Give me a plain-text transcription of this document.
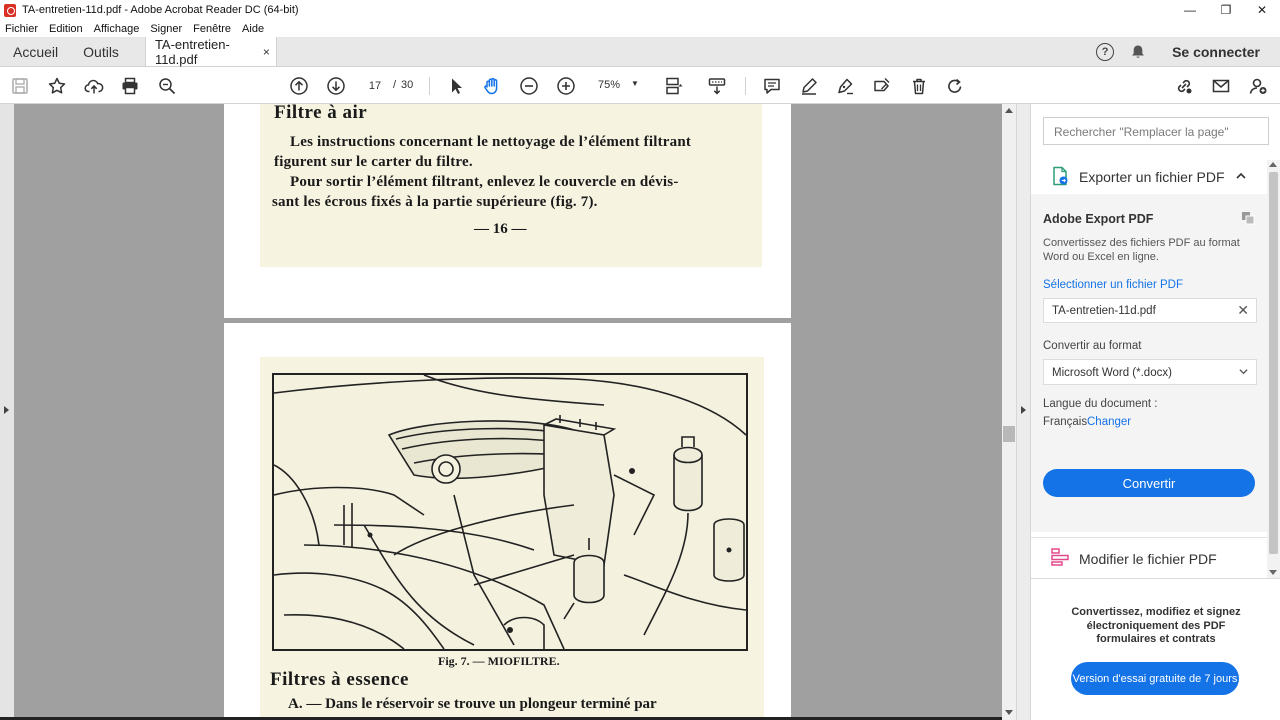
TA-entretien-11d.pdf - Adobe Acrobat Reader DC (64-bit)	—	❐	✕
Fichier Edition Affichage Signer Fenêtre Aide
Accueil	Outils	TA-entretien-11d.pdf	×	?	Se connecter
17	/ 30	75% ▼
Filtre à air
Les instructions concernant le nettoyage de l’élément filtrant
figurent sur le carter du filtre.
Pour sortir l’élément filtrant, enlevez le couvercle en dévis-
sant les écrous fixés à la partie supérieure (fig. 7).
— 16 —
Fig. 7. — MIOFILTRE.
Filtres à essence
A. — Dans le réservoir se trouve un plongeur terminé par
Rechercher "Remplacer la page"
Exporter un fichier PDF
Adobe Export PDF
Convertissez des fichiers PDF au format Word ou Excel en ligne.
Sélectionner un fichier PDF
TA-entretien-11d.pdf	✕
Convertir au format
Microsoft Word (*.docx)
Langue du document :
Français Changer
Convertir
Modifier le fichier PDF
Convertissez, modifiez et signez électroniquement des PDF formulaires et contrats
Version d'essai gratuite de 7 jours
